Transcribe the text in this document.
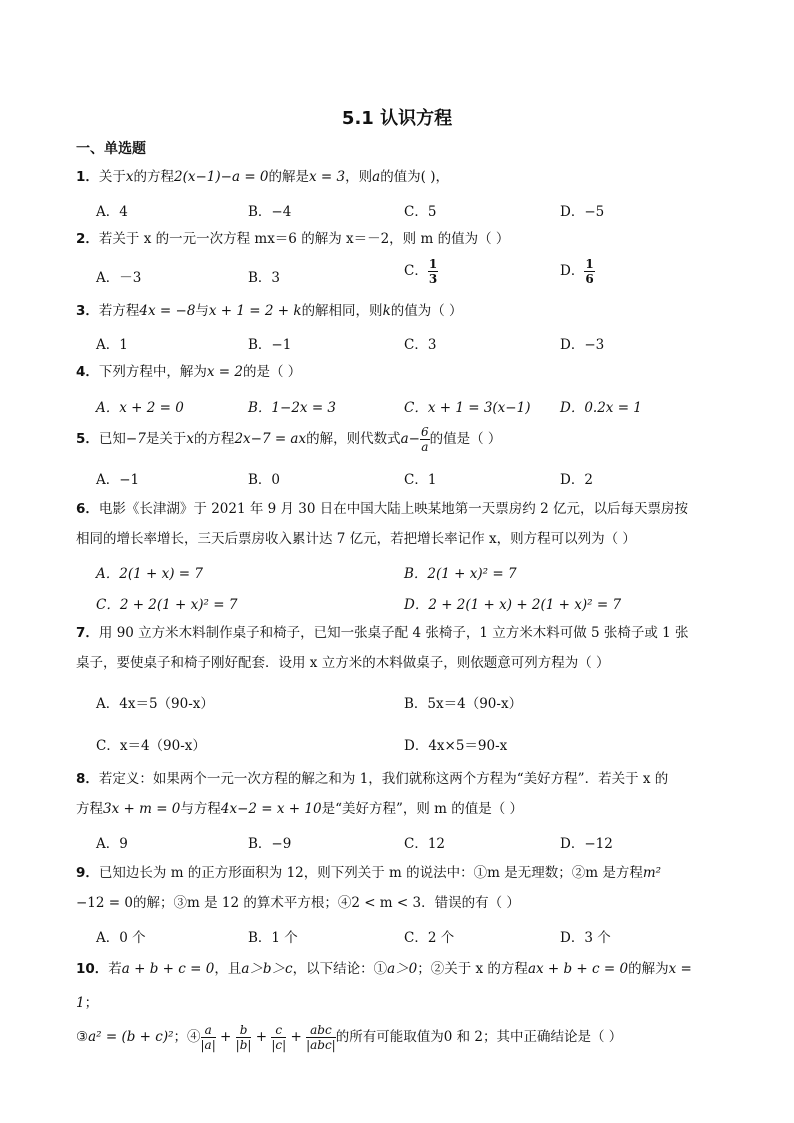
5.1 认识方程
一、单选题
1．关于x的方程2(x−1)−a = 0的解是x = 3，则a的值为( )，
A．4	B．−4	C．5	D．−5
2．若关于 x 的一元一次方程 mx＝6 的解为 x＝－2，则 m 的值为（ ）
A．－3	B．3	C． $\frac{1}{3}$	D． $\frac{1}{6}$
3．若方程4x = −8与x + 1 = 2 + k的解相同，则k的值为（ ）
A．1	B．−1	C．3	D．−3
4．下列方程中，解为x = 2的是（ ）
A．x + 2 = 0	B．1−2x = 3	C．x + 1 = 3(x−1) D．0.2x = 1
5．已知−7是关于x的方程2x−7 = ax的解，则代数式$a- \frac{6}{a}$ 的值是（ ）
A．−1	B．0	C．1	D．2
6．电影《长津湖》于 2021 年 9 月 30 日在中国大陆上映某地第一天票房约 2 亿元，以后每天票房按
相同的增长率增长，三天后票房收入累计达 7 亿元，若把增长率记作 x，则方程可以列为（ ）
A．2(1 + x) = 7	B．2(1 + x)² = 7
C．2 + 2(1 + x)² = 7	D．2 + 2(1 + x) + 2(1 + x)² = 7
7．用 90 立方米木料制作桌子和椅子，已知一张桌子配 4 张椅子，1 立方米木料可做 5 张椅子或 1 张
桌子，要使桌子和椅子刚好配套．设用 x 立方米的木料做桌子，则依题意可列方程为（ ）
A．4x＝5（90-x）	B．5x＝4（90-x）
C．x＝4（90-x）	D．4x×5＝90-x
8．若定义：如果两个一元一次方程的解之和为 1，我们就称这两个方程为“美好方程”．若关于 x 的
方程3x + m = 0与方程4x−2 = x + 10是“美好方程”，则 m 的值是（ ）
A．9	B．−9	C．12	D．−12
9．已知边长为 m 的正方形面积为 12，则下列关于 m 的说法中：①m 是无理数；②m 是方程m²
−12 = 0的解；③m 是 12 的算术平方根；④2 < m < 3．错误的有（ ）
A．0 个	B．1 个	C．2 个	D．3 个
10．若a + b + c = 0，且a＞b＞c，以下结论：①a＞0；②关于 x 的方程ax + b + c = 0的解为x = 1；
③a² = (b + c)²；④ $\frac{a}{|a|} + \frac{b}{|b|} + \frac{c}{|c|} + \frac{\text{abc}}{\text{|abc|}}$ 的所有可能取值为0 和 2；其中正确结论是（ ）
